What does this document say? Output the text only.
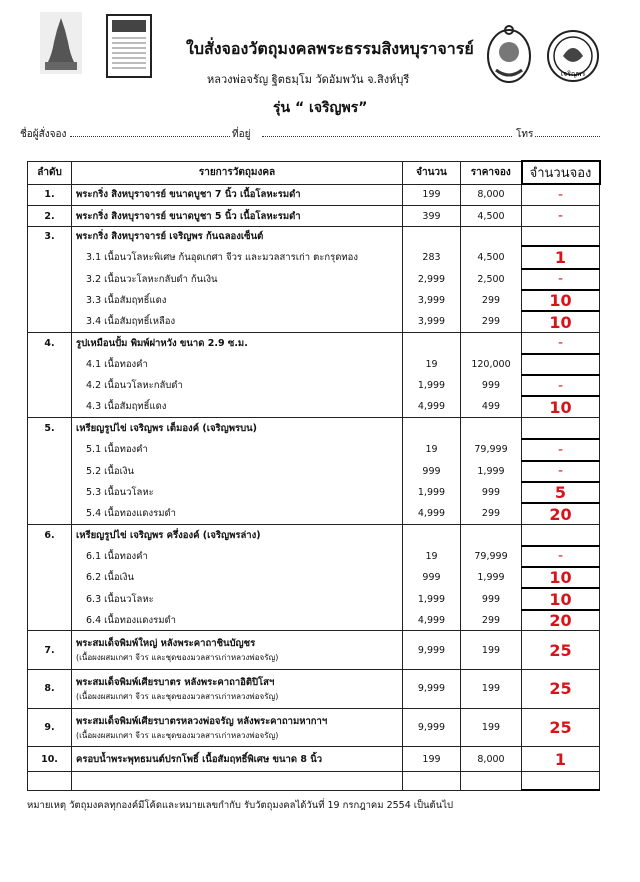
ใบสั่งจองวัตถุมงคลพระธรรมสิงหบุราจารย์
หลวงพ่อจรัญ ฐิตธมฺโม วัดอัมพวัน จ.สิงห์บุรี
รุ่น “ เจริญพร”
เจริญพร
ชื่อผู้สั่งจอง	ที่อยู่	โทร
ลำดับ	รายการวัตถุมงคล	จำนวน	ราคาจอง	จำนวนจอง
1.	พระกริ่ง สิงหบุราจารย์ ขนาดบูชา 7 นิ้ว เนื้อโลหะรมดำ	199	8,000	-
2.	พระกริ่ง สิงหบุราจารย์ ขนาดบูชา 5 นิ้ว เนื้อโลหะรมดำ	399	4,500	-
3.	พระกริ่ง สิงหบุราจารย์ เจริญพร ก้นฉลองเซ็นต์			
	3.1 เนื้อนวโลหะพิเศษ ก้นอุดเกศา จีวร และมวลสารเก่า ตะกรุดทอง	283	4,500	1
	3.2 เนื้อนวะโลหะกลับดำ ก้นเงิน	2,999	2,500	-
	3.3 เนื้อสัมฤทธิ์แดง	3,999	299	10
	3.4 เนื้อสัมฤทธิ์เหลือง	3,999	299	10
4.	รูปเหมือนปั้ม พิมพ์ฝาหวัง ขนาด 2.9 ซ.ม.			-
	4.1 เนื้อทองคำ	19	120,000	
	4.2 เนื้อนวโลหะกลับดำ	1,999	999	-
	4.3 เนื้อสัมฤทธิ์แดง	4,999	499	10
5.	เหรียญรูปไข่ เจริญพร เต็มองค์ (เจริญพรบน)			
	5.1 เนื้อทองคำ	19	79,999	-
	5.2 เนื้อเงิน	999	1,999	-
	5.3 เนื้อนวโลหะ	1,999	999	5
	5.4 เนื้อทองแดงรมดำ	4,999	299	20
6.	เหรียญรูปไข่ เจริญพร ครึ่งองค์ (เจริญพรล่าง)			
	6.1 เนื้อทองคำ	19	79,999	-
	6.2 เนื้อเงิน	999	1,999	10
	6.3 เนื้อนวโลหะ	1,999	999	10
	6.4 เนื้อทองแดงรมดำ	4,999	299	20
7.	พระสมเด็จพิมพ์ใหญ่ หลังพระคาถาชินบัญชร
(เนื้อผงผสมเกศา จีวร และชุดของมวลสารเก่าหลวงพ่อจรัญ)	9,999	199	25
8.	พระสมเด็จพิมพ์เศียรบาตร หลังพระคาถาอิติปิโสฯ
(เนื้อผงผสมเกศา จีวร และชุดของมวลสารเก่าหลวงพ่อจรัญ)	9,999	199	25
9.	พระสมเด็จพิมพ์เศียรบาตรหลวงพ่อจรัญ หลังพระคาถามหากาฯ
(เนื้อผงผสมเกศา จีวร และชุดของมวลสารเก่าหลวงพ่อจรัญ)	9,999	199	25
10.	ครอบน้ำพระพุทธมนต์ปรกโพธิ์ เนื้อสัมฤทธิ์พิเศษ ขนาด 8 นิ้ว	199	8,000	1

หมายเหตุ วัตถุมงคลทุกองค์มีโค้ดและหมายเลขกำกับ รับวัตถุมงคลได้วันที่ 19 กรกฎาคม 2554 เป็นต้นไป
